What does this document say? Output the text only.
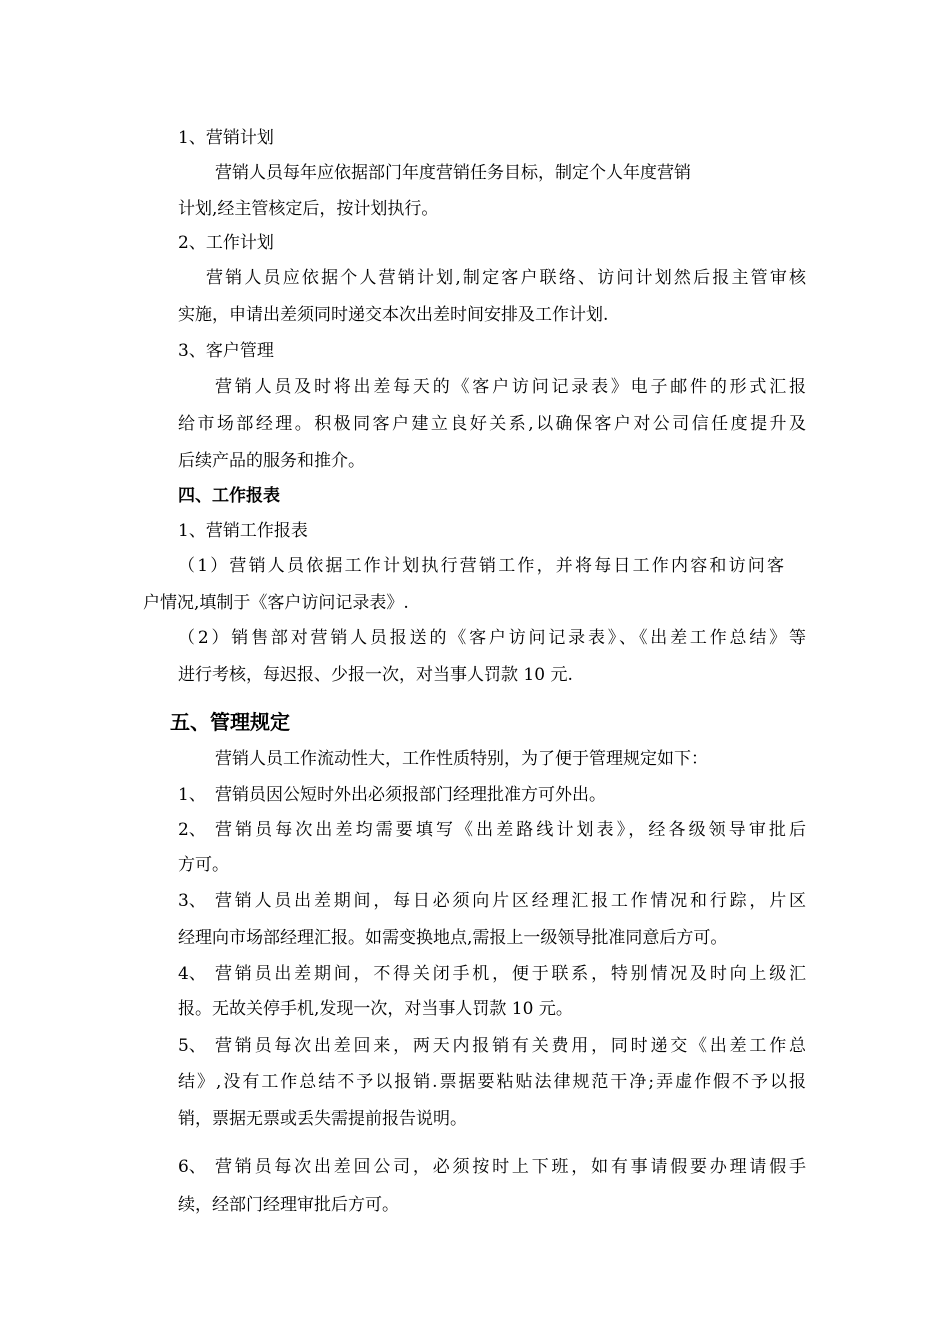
1、营销计划
营销人员每年应依据部门年度营销任务目标，制定个人年度营销
计划,经主管核定后，按计划执行。
2、工作计划
营销人员应依据个人营销计划,制定客户联络、访问计划然后报主管审核
实施，申请出差须同时递交本次出差时间安排及工作计划.
3、客户管理
营销人员及时将出差每天的《客户访问记录表》电子邮件的形式汇报
给市场部经理。积极同客户建立良好关系,以确保客户对公司信任度提升及
后续产品的服务和推介。
四、工作报表
1、营销工作报表
（1）营销人员依据工作计划执行营销工作，并将每日工作内容和访问客
户情况,填制于《客户访问记录表》.
（2）销售部对营销人员报送的《客户访问记录表》、《出差工作总结》等
进行考核，每迟报、少报一次，对当事人罚款 10 元.
五、管理规定
营销人员工作流动性大，工作性质特别，为了便于管理规定如下：
1、 营销员因公短时外出必须报部门经理批准方可外出。
2、 营销员每次出差均需要填写《出差路线计划表》，经各级领导审批后
方可。
3、 营销人员出差期间，每日必须向片区经理汇报工作情况和行踪，片区
经理向市场部经理汇报。如需变换地点,需报上一级领导批准同意后方可。
4、 营销员出差期间，不得关闭手机，便于联系，特别情况及时向上级汇
报。无故关停手机,发现一次，对当事人罚款 10 元。
5、 营销员每次出差回来，两天内报销有关费用，同时递交《出差工作总
结》,没有工作总结不予以报销.票据要粘贴法律规范干净;弄虚作假不予以报
销，票据无票或丢失需提前报告说明。
6、 营销员每次出差回公司，必须按时上下班，如有事请假要办理请假手
续，经部门经理审批后方可。
